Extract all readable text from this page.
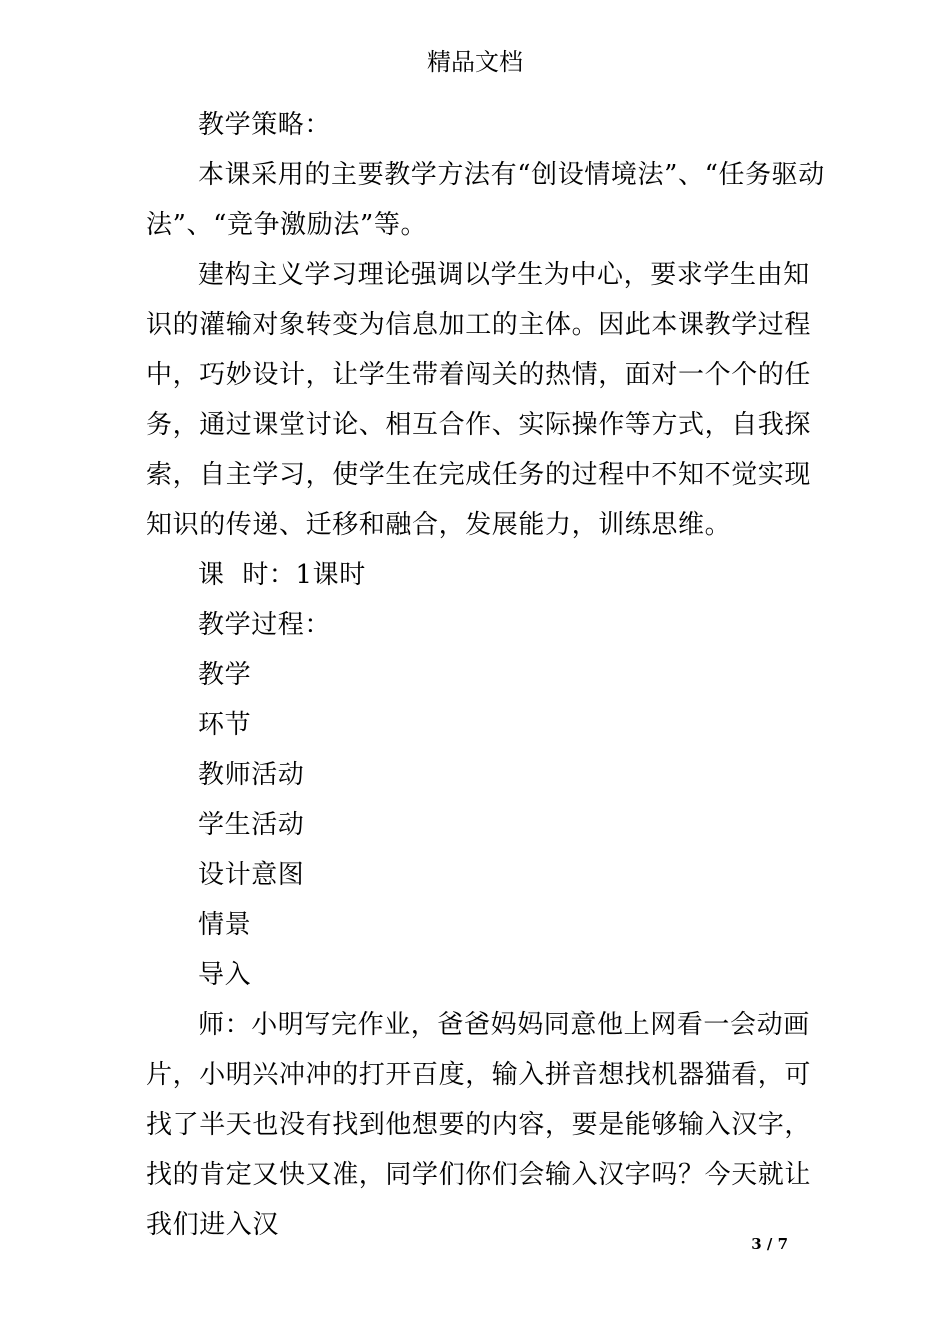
精品文档

教学策略：

本课采用的主要教学方法有“创设情境法”、“任务驱动法”、“竞争激励法”等。

建构主义学习理论强调以学生为中心，要求学生由知识的灌输对象转变为信息加工的主体。因此本课教学过程中，巧妙设计，让学生带着闯关的热情，面对一个个的任务，通过课堂讨论、相互合作、实际操作等方式，自我探索，自主学习，使学生在完成任务的过程中不知不觉实现知识的传递、迁移和融合，发展能力，训练思维。

课  时：1课时

教学过程：

教学

环节

教师活动

学生活动

设计意图

情景

导入

师：小明写完作业，爸爸妈妈同意他上网看一会动画片，小明兴冲冲的打开百度，输入拼音想找机器猫看，可找了半天也没有找到他想要的内容，要是能够输入汉字，找的肯定又快又准，同学们你们会输入汉字吗？今天就让我们进入汉

3 / 7
